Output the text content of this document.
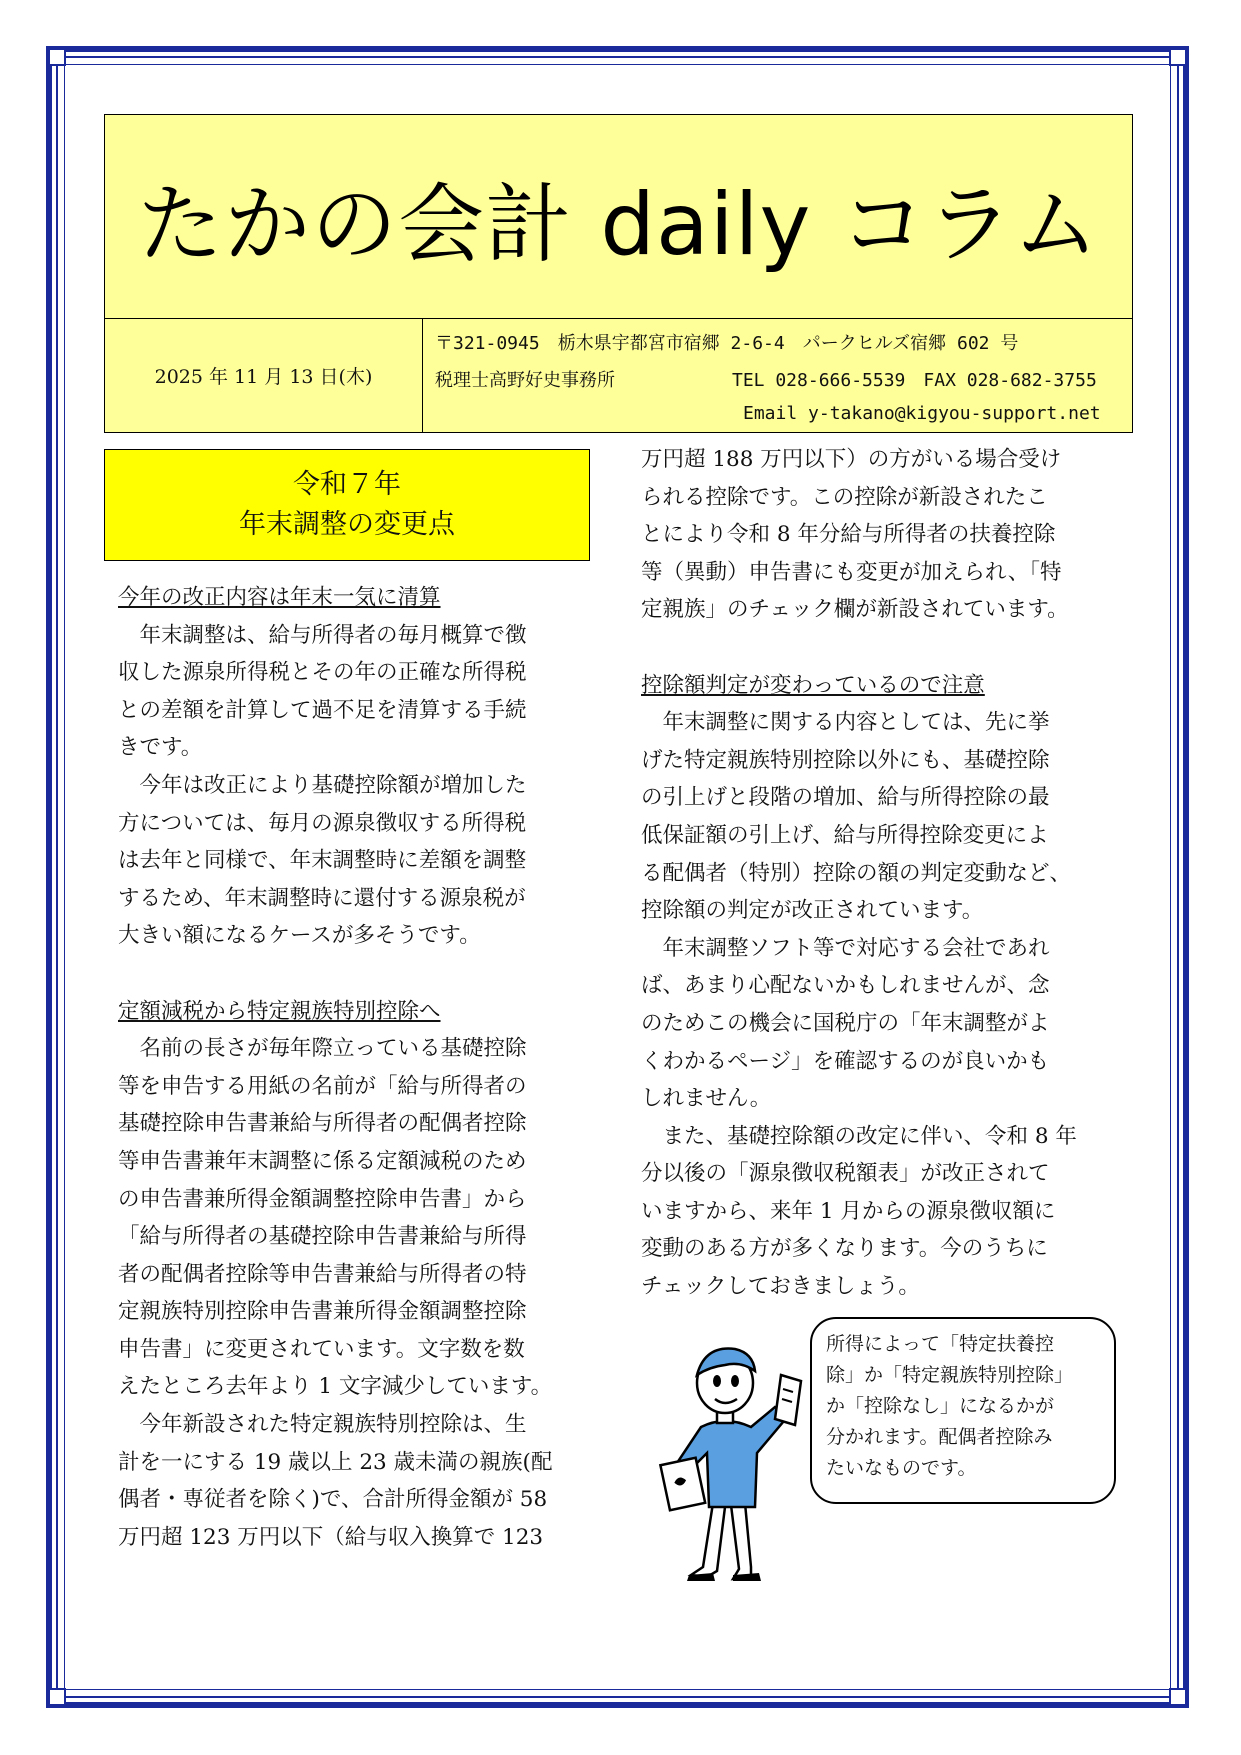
たかの会計 daily コラム
2025 年 11 月 13 日(木)
〒321-0945　栃木県宇都宮市宿郷 2-6-4　パークヒルズ宿郷 602 号
税理士高野好史事務所	TEL 028-666-5539　FAX 028-682-3755
Email y-takano@kigyou-support.net
令和７年
年末調整の変更点

今年の改正内容は年末一気に清算

　年末調整は、給与所得者の毎月概算で徴

収した源泉所得税とその年の正確な所得税

との差額を計算して過不足を清算する手続

きです。

　今年は改正により基礎控除額が増加した

方については、毎月の源泉徴収する所得税

は去年と同様で、年末調整時に差額を調整

するため、年末調整時に還付する源泉税が

大きい額になるケースが多そうです。

定額減税から特定親族特別控除へ

　名前の長さが毎年際立っている基礎控除

等を申告する用紙の名前が「給与所得者の

基礎控除申告書兼給与所得者の配偶者控除

等申告書兼年末調整に係る定額減税のため

の申告書兼所得金額調整控除申告書」から

「給与所得者の基礎控除申告書兼給与所得

者の配偶者控除等申告書兼給与所得者の特

定親族特別控除申告書兼所得金額調整控除

申告書」に変更されています。文字数を数

えたところ去年より 1 文字減少しています。

　今年新設された特定親族特別控除は、生

計を一にする 19 歳以上 23 歳未満の親族(配

偶者・専従者を除く)で、合計所得金額が 58

万円超 123 万円以下（給与収入換算で 123

万円超 188 万円以下）の方がいる場合受け

られる控除です。この控除が新設されたこ

とにより令和 8 年分給与所得者の扶養控除

等（異動）申告書にも変更が加えられ、「特

定親族」のチェック欄が新設されています。

控除額判定が変わっているので注意

　年末調整に関する内容としては、先に挙

げた特定親族特別控除以外にも、基礎控除

の引上げと段階の増加、給与所得控除の最

低保証額の引上げ、給与所得控除変更によ

る配偶者（特別）控除の額の判定変動など、

控除額の判定が改正されています。

　年末調整ソフト等で対応する会社であれ

ば、あまり心配ないかもしれませんが、念

のためこの機会に国税庁の「年末調整がよ

くわかるページ」を確認するのが良いかも

しれません。

　また、基礎控除額の改定に伴い、令和 8 年

分以後の「源泉徴収税額表」が改正されて

いますから、来年 1 月からの源泉徴収額に

変動のある方が多くなります。今のうちに

チェックしておきましょう。

所得によって「特定扶養控

除」か「特定親族特別控除」

か「控除なし」になるかが

分かれます。配偶者控除み

たいなものです。
